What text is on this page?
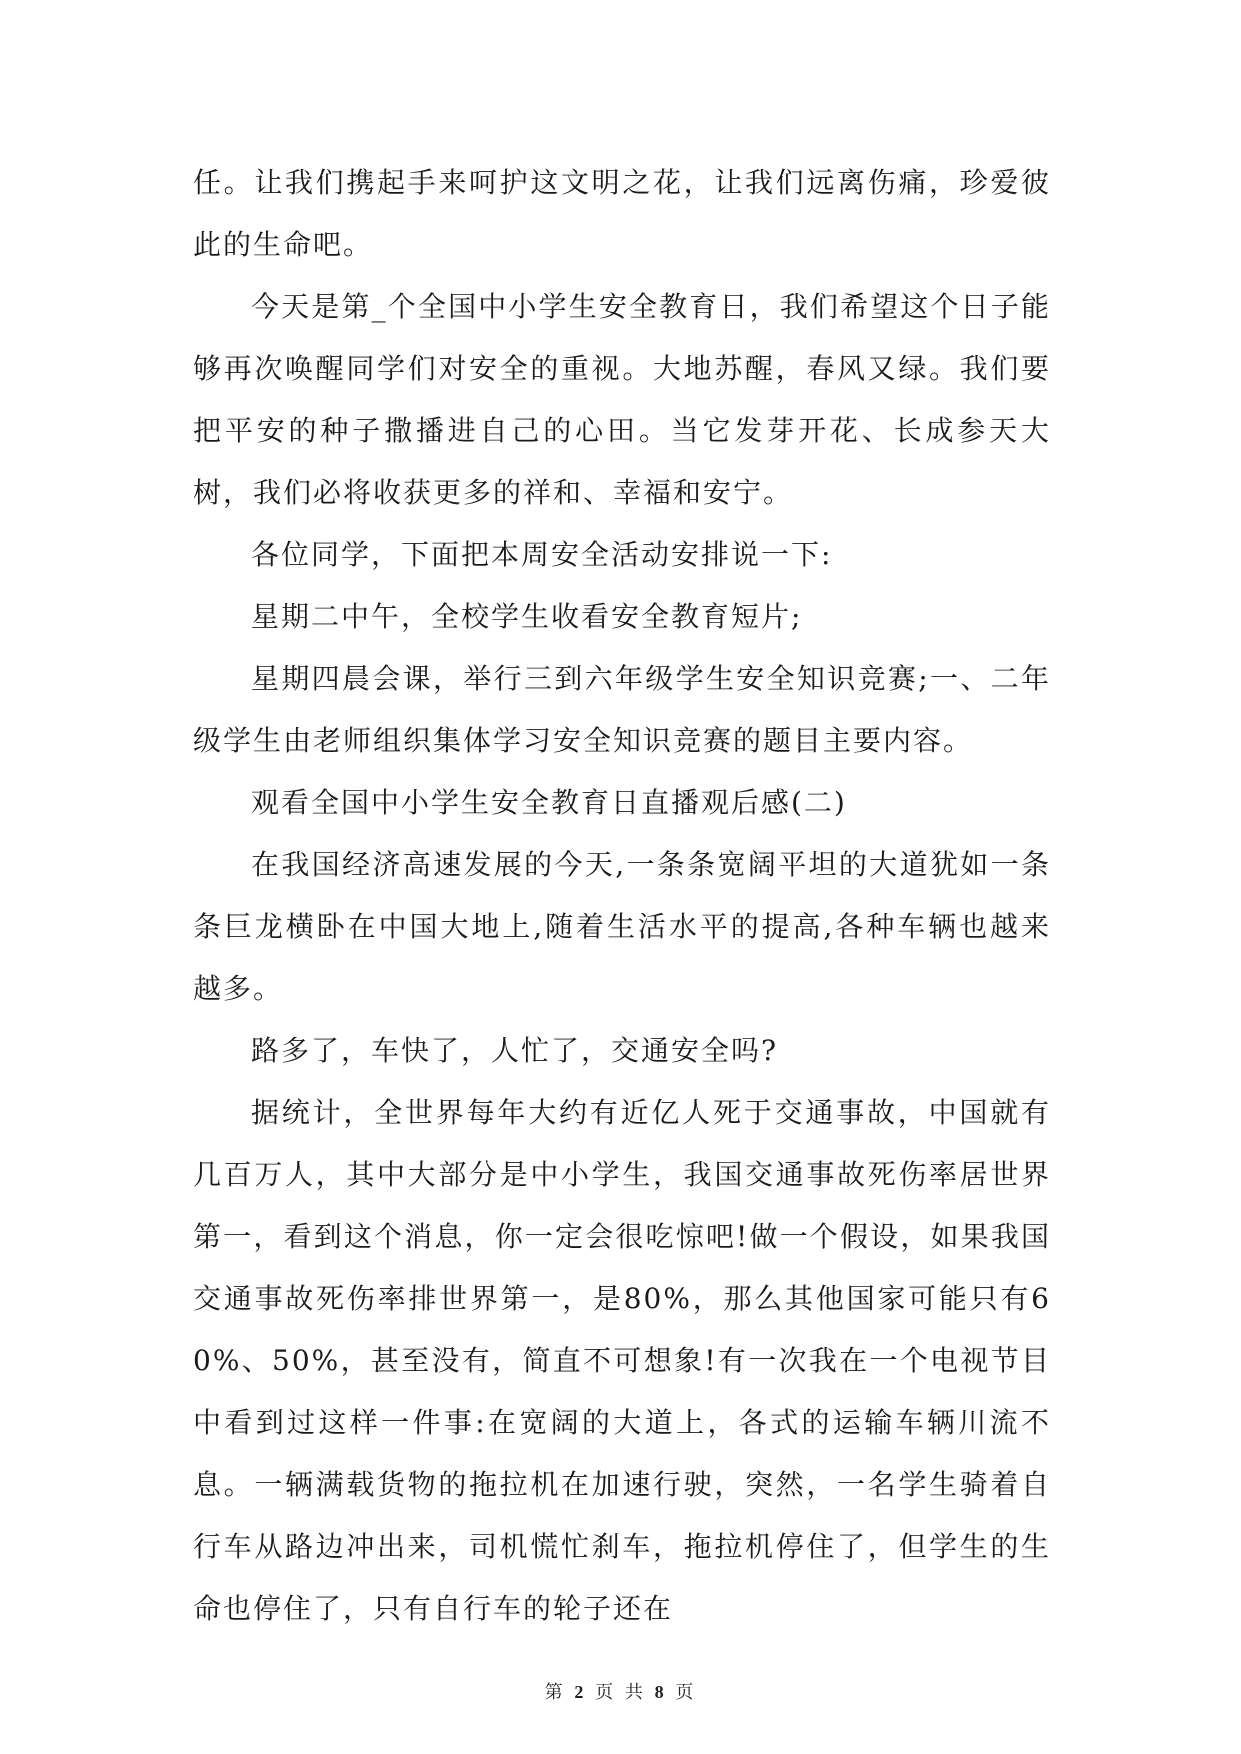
任。让我们携起手来呵护这文明之花，让我们远离伤痛，珍爱彼此的生命吧。

今天是第_个全国中小学生安全教育日，我们希望这个日子能够再次唤醒同学们对安全的重视。大地苏醒，春风又绿。我们要把平安的种子撒播进自己的心田。当它发芽开花、长成参天大树，我们必将收获更多的祥和、幸福和安宁。

各位同学，下面把本周安全活动安排说一下:

星期二中午，全校学生收看安全教育短片;

星期四晨会课，举行三到六年级学生安全知识竞赛;一、二年级学生由老师组织集体学习安全知识竞赛的题目主要内容。

观看全国中小学生安全教育日直播观后感(二)

在我国经济高速发展的今天,一条条宽阔平坦的大道犹如一条条巨龙横卧在中国大地上,随着生活水平的提高,各种车辆也越来越多。

路多了，车快了，人忙了，交通安全吗?

据统计，全世界每年大约有近亿人死于交通事故，中国就有几百万人，其中大部分是中小学生，我国交通事故死伤率居世界第一，看到这个消息，你一定会很吃惊吧!做一个假设，如果我国交通事故死伤率排世界第一，是80%，那么其他国家可能只有60%、50%，甚至没有，简直不可想象!有一次我在一个电视节目中看到过这样一件事:在宽阔的大道上，各式的运输车辆川流不息。一辆满载货物的拖拉机在加速行驶，突然，一名学生骑着自行车从路边冲出来，司机慌忙刹车，拖拉机停住了，但学生的生命也停住了，只有自行车的轮子还在

第 2 页 共 8 页
